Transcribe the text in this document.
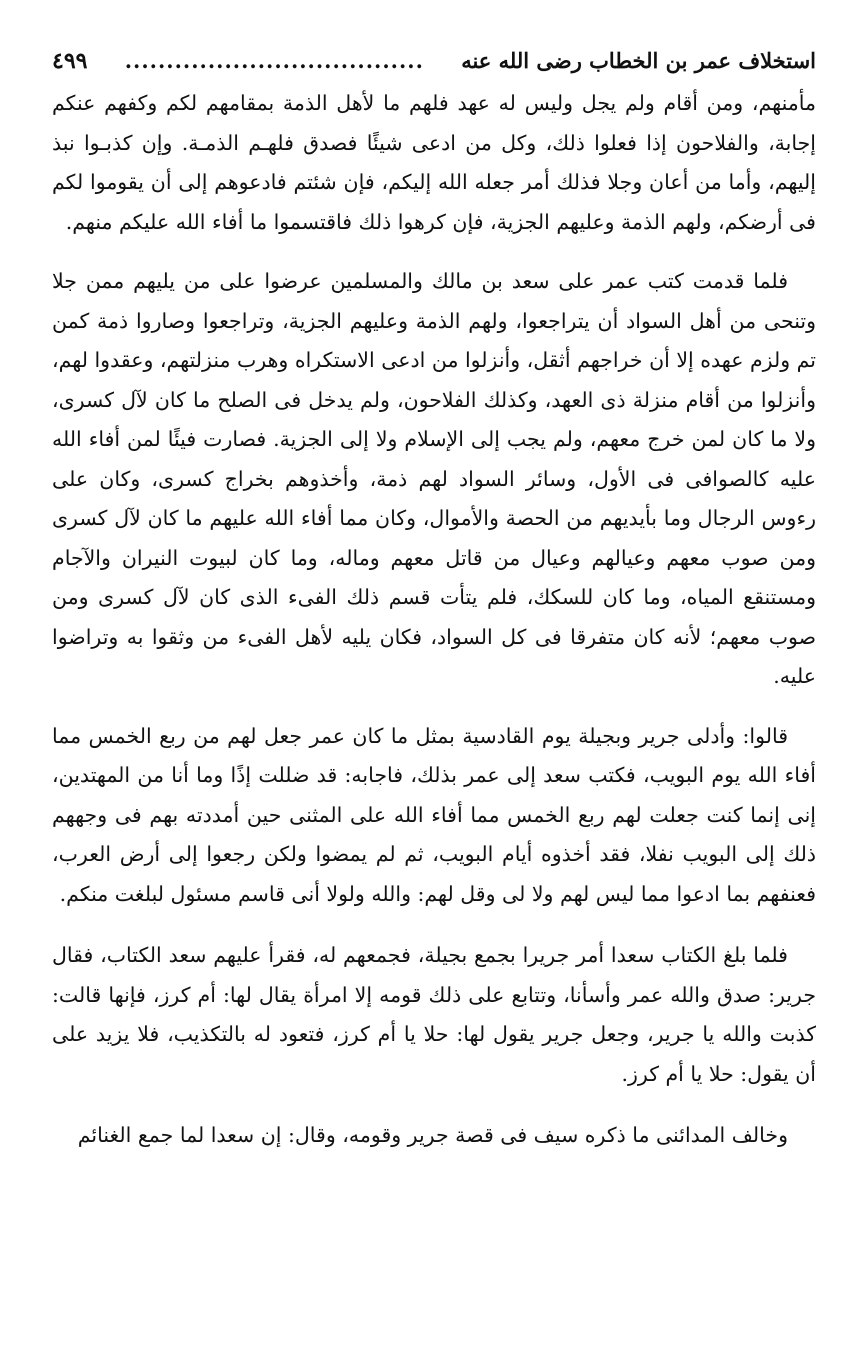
استخلاف عمر بن الخطاب رضى الله عنه
....................................
٤٩٩

مأمنهم، ومن أقام ولم يجل وليس له عهد فلهم ما لأهل الذمة بمقامهم لكم وكفهم عنكم إجابة، والفلاحون إذا فعلوا ذلك، وكل من ادعى شيئًا فصدق فلهـم الذمـة. وإن كذبـوا نبذ إليهم، وأما من أعان وجلا فذلك أمر جعله الله إليكم، فإن شئتم فادعوهم إلى أن يقوموا لكم فى أرضكم، ولهم الذمة وعليهم الجزية، فإن كرهوا ذلك فاقتسموا ما أفاء الله عليكم منهم.

فلما قدمت كتب عمر على سعد بن مالك والمسلمين عرضوا على من يليهم ممن جلا وتنحى من أهل السواد أن يتراجعوا، ولهم الذمة وعليهم الجزية، وتراجعوا وصاروا ذمة كمن تم ولزم عهده إلا أن خراجهم أثقل، وأنزلوا من ادعى الاستكراه وهرب منزلتهم، وعقدوا لهم، وأنزلوا من أقام منزلة ذى العهد، وكذلك الفلاحون، ولم يدخل فى الصلح ما كان لآل كسرى، ولا ما كان لمن خرج معهم، ولم يجب إلى الإسلام ولا إلى الجزية. فصارت فيئًا لمن أفاء الله عليه كالصوافى فى الأول، وسائر السواد لهم ذمة، وأخذوهم بخراج كسرى، وكان على رءوس الرجال وما بأيديهم من الحصة والأموال، وكان مما أفاء الله عليهم ما كان لآل كسرى ومن صوب معهم وعيالهم وعيال من قاتل معهم وماله، وما كان لبيوت النيران والآجام ومستنقع المياه، وما كان للسكك، فلم يتأت قسم ذلك الفىء الذى كان لآل كسرى ومن صوب معهم؛ لأنه كان متفرقا فى كل السواد، فكان يليه لأهل الفىء من وثقوا به وتراضوا عليه.

قالوا: وأدلى جرير وبجيلة يوم القادسية بمثل ما كان عمر جعل لهم من ربع الخمس مما أفاء الله يوم البويب، فكتب سعد إلى عمر بذلك، فاجابه: قد ضللت إذًا وما أنا من المهتدين، إنى إنما كنت جعلت لهم ربع الخمس مما أفاء الله على المثنى حين أمددته بهم فى وجههم ذلك إلى البويب نفلا، فقد أخذوه أيام البويب، ثم لم يمضوا ولكن رجعوا إلى أرض العرب، فعنفهم بما ادعوا مما ليس لهم ولا لى وقل لهم: والله ولولا أنى قاسم مسئول لبلغت منكم.

فلما بلغ الكتاب سعدا أمر جريرا بجمع بجيلة، فجمعهم له، فقرأ عليهم سعد الكتاب، فقال جرير: صدق والله عمر وأسأنا، وتتابع على ذلك قومه إلا امرأة يقال لها: أم كرز، فإنها قالت: كذبت والله يا جرير، وجعل جرير يقول لها: حلا يا أم كرز، فتعود له بالتكذيب، فلا يزيد على أن يقول: حلا يا أم كرز.

وخالف المدائنى ما ذكره سيف فى قصة جرير وقومه، وقال: إن سعدا لما جمع الغنائم
